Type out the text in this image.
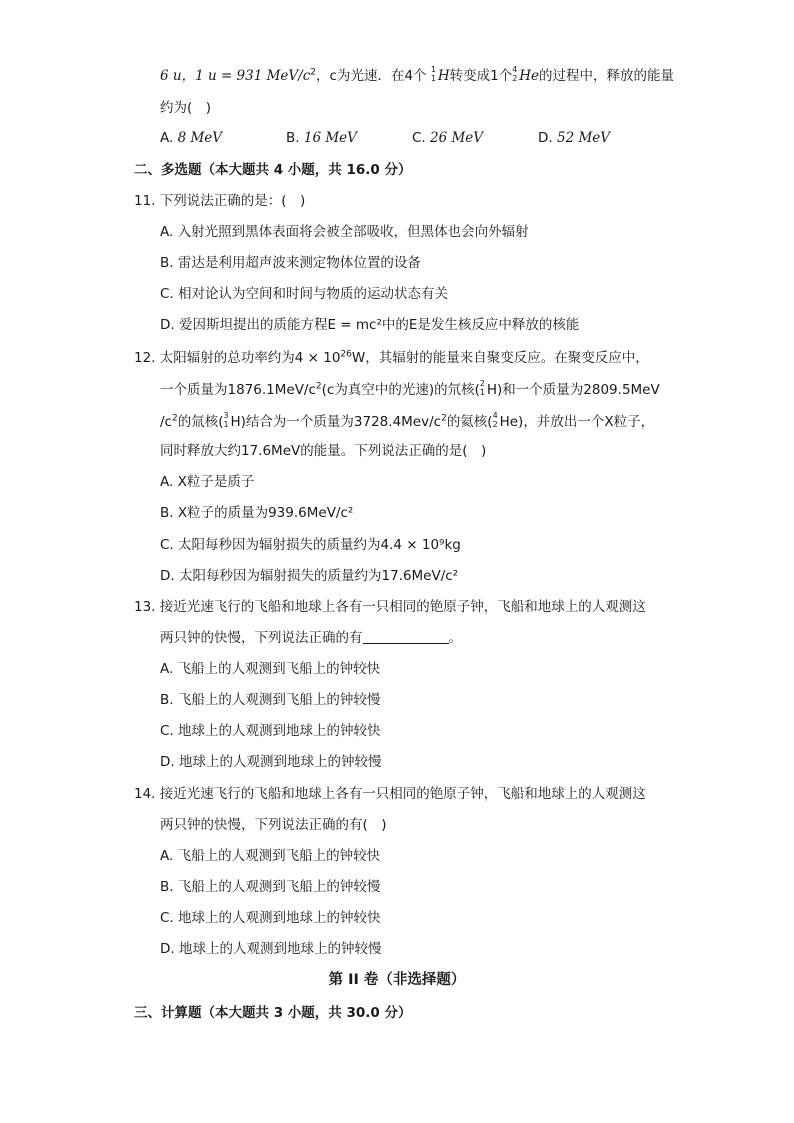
6 u，1 u = 931 MeV/$c^2$，c为光速．在4个 1
1 H转变成1个 4
2 He的过程中，释放的能量
约为(　)
A. 8 MeV	B. 16 MeV	C. 26 MeV	D. 52 MeV
二、多选题（本大题共 4 小题，共 16.0 分）
11. 下列说法正确的是：(　)
A. 入射光照到黑体表面将会被全部吸收，但黑体也会向外辐射
B. 雷达是利用超声波来测定物体位置的设备
C. 相对论认为空间和时间与物质的运动状态有关
D. 爱因斯坦提出的质能方程E = mc²中的E是发生核反应中释放的核能
12. 太阳辐射的总功率约为$4 \times 10^{26}W$，其辐射的能量来自聚变反应。在聚变反应中，
一个质量为$1876.1MeV/c^2(c$为真空中的光速)的氘核( 2
1 H)和一个质量为2809.5MeV
$/c^2$的氚核( 3
1 H)结合为一个质量为$3728.4Mev/c^2$的氦核( 4
2 He)，并放出一个X粒子，
同时释放大约17.6MeV的能量。下列说法正确的是(　)
A. X粒子是质子
B. X粒子的质量为939.6MeV/c²
C. 太阳每秒因为辐射损失的质量约为4.4 × 10⁹kg
D. 太阳每秒因为辐射损失的质量约为17.6MeV/c²
13. 接近光速飞行的飞船和地球上各有一只相同的铯原子钟，飞船和地球上的人观测这
两只钟的快慢，下列说法正确的有	。
A. 飞船上的人观测到飞船上的钟较快
B. 飞船上的人观测到飞船上的钟较慢
C. 地球上的人观测到地球上的钟较快
D. 地球上的人观测到地球上的钟较慢
14. 接近光速飞行的飞船和地球上各有一只相同的铯原子钟，飞船和地球上的人观测这
两只钟的快慢，下列说法正确的有(　)
A. 飞船上的人观测到飞船上的钟较快
B. 飞船上的人观测到飞船上的钟较慢
C. 地球上的人观测到地球上的钟较快
D. 地球上的人观测到地球上的钟较慢
第 II 卷（非选择题）
三、计算题（本大题共 3 小题，共 30.0 分）
